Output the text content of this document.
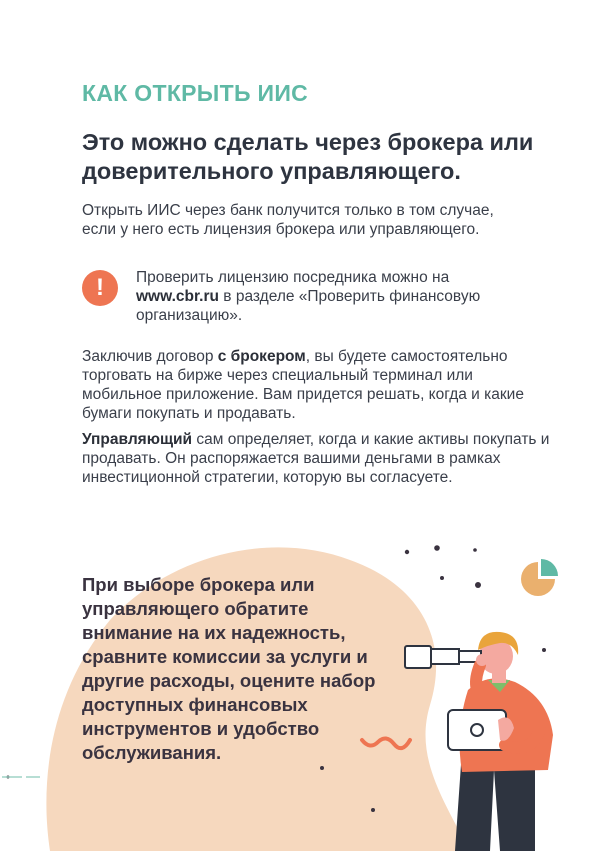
КАК ОТКРЫТЬ ИИС
Это можно сделать через брокера или доверительного управляющего.
Открыть ИИС через банк получится только в том случае, если у него есть лицензия брокера или управляющего.
!	Проверить лицензию посредника можно на www.cbr.ru в разделе «Проверить финансовую организацию».
Заключив договор с брокером, вы будете самостоятельно торговать на бирже через специальный терминал или мобильное приложение. Вам придется решать, когда и какие бумаги покупать и продавать.
Управляющий сам определяет, когда и какие активы покупать и продавать. Он распоряжается вашими деньгами в рамках инвестиционной стратегии, которую вы согласуете.
При выборе брокера или управляющего обратите внимание на их надежность, сравните комиссии за услуги и другие расходы, оцените набор доступных финансовых инструментов и удобство обслуживания.
